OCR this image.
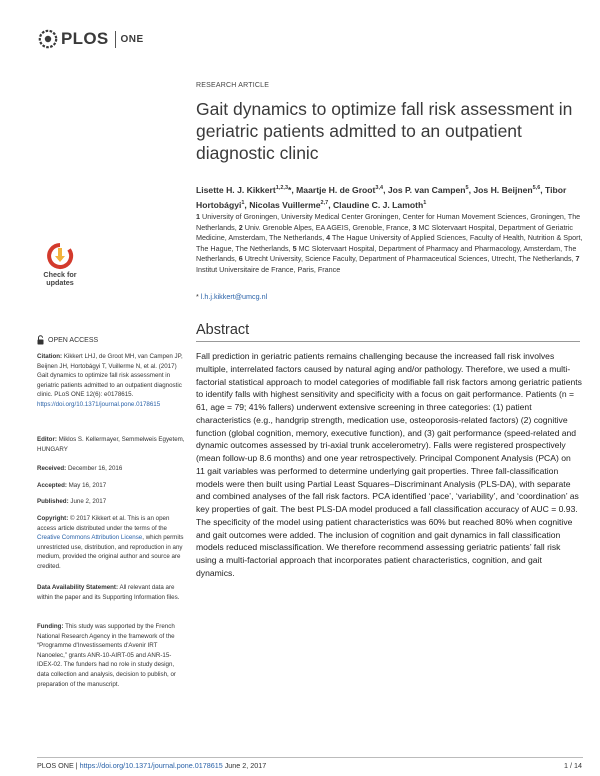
PLOS ONE
RESEARCH ARTICLE
Gait dynamics to optimize fall risk assessment in geriatric patients admitted to an outpatient diagnostic clinic
Lisette H. J. Kikkert$^{1,2,3}$*, Maartje H. de Groot$^{3,4}$, Jos P. van Campen$^5$, Jos H. Beijnen$^{5,6}$, Tibor Hortobágyi$^1$, Nicolas Vuillerme$^{2,7}$, Claudine C. J. Lamoth$^1$
1 University of Groningen, University Medical Center Groningen, Center for Human Movement Sciences, Groningen, The Netherlands, 2 Univ. Grenoble Alpes, EA AGEIS, Grenoble, France, 3 MC Slotervaart Hospital, Department of Geriatric Medicine, Amsterdam, The Netherlands, 4 The Hague University of Applied Sciences, Faculty of Health, Nutrition & Sport, The Hague, The Netherlands, 5 MC Slotervaart Hospital, Department of Pharmacy and Pharmacology, Amsterdam, The Netherlands, 6 Utrecht University, Science Faculty, Department of Pharmaceutical Sciences, Utrecht, The Netherlands, 7 Institut Universitaire de France, Paris, France
* l.h.j.kikkert@umcg.nl
Check for
updates
OPEN ACCESS
Citation: Kikkert LHJ, de Groot MH, van Campen JP, Beijnen JH, Hortobágyi T, Vuillerme N, et al. (2017) Gait dynamics to optimize fall risk assessment in geriatric patients admitted to an outpatient diagnostic clinic. PLoS ONE 12(6): e0178615. https://doi.org/10.1371/journal.pone.0178615
Editor: Miklos S. Kellermayer, Semmelweis Egyetem, HUNGARY
Received: December 16, 2016
Accepted: May 16, 2017
Published: June 2, 2017
Copyright: © 2017 Kikkert et al. This is an open access article distributed under the terms of the Creative Commons Attribution License, which permits unrestricted use, distribution, and reproduction in any medium, provided the original author and source are credited.
Data Availability Statement: All relevant data are within the paper and its Supporting Information files.
Funding: This study was supported by the French National Research Agency in the framework of the “Programme d'Investissements d'Avenir IRT Nanoelec,” grants ANR-10-AIRT-05 and ANR-15-IDEX-02. The funders had no role in study design, data collection and analysis, decision to publish, or preparation of the manuscript.
Abstract
Fall prediction in geriatric patients remains challenging because the increased fall risk involves multiple, interrelated factors caused by natural aging and/or pathology. Therefore, we used a multi-factorial statistical approach to model categories of modifiable fall risk factors among geriatric patients to identify falls with highest sensitivity and specificity with a focus on gait performance. Patients (n = 61, age = 79; 41% fallers) underwent extensive screening in three categories: (1) patient characteristics (e.g., handgrip strength, medication use, osteoporosis-related factors) (2) cognitive function (global cognition, memory, executive function), and (3) gait performance (speed-related and dynamic outcomes assessed by tri-axial trunk accelerometry). Falls were registered prospectively (mean follow-up 8.6 months) and one year retrospectively. Principal Component Analysis (PCA) on 11 gait variables was performed to determine underlying gait properties. Three fall-classification models were then built using Partial Least Squares–Discriminant Analysis (PLS-DA), with separate and combined analyses of the fall risk factors. PCA identified ‘pace’, ‘variability’, and ‘coordination’ as key properties of gait. The best PLS-DA model produced a fall classification accuracy of AUC = 0.93. The specificity of the model using patient characteristics was 60% but reached 80% when cognitive and gait outcomes were added. The inclusion of cognition and gait dynamics in fall classification models reduced misclassification. We therefore recommend assessing geriatric patients’ fall risk using a multi-factorial approach that incorporates patient characteristics, cognition, and gait dynamics.
PLOS ONE | https://doi.org/10.1371/journal.pone.0178615 June 2, 2017	1 / 14
